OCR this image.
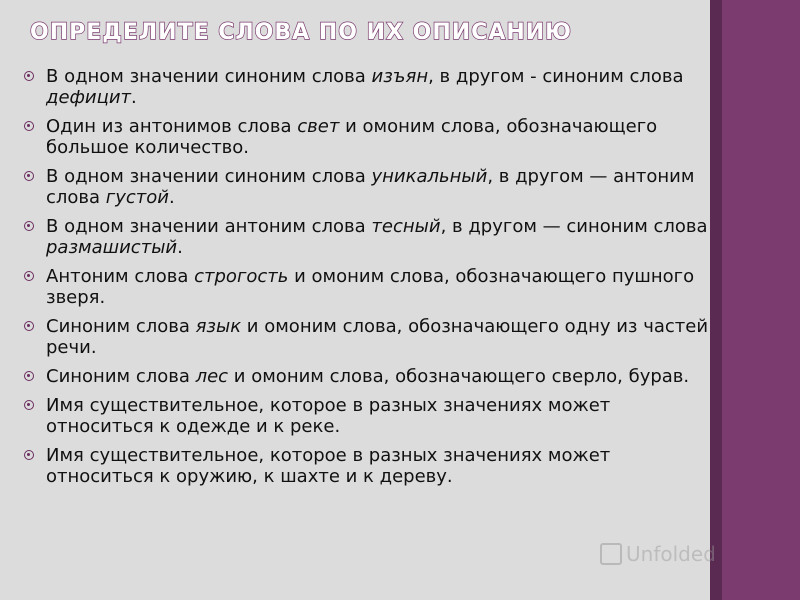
ОПРЕДЕЛИТЕ СЛОВА ПО ИХ ОПИСАНИЮ
В одном значении синоним слова изъян, в другом - синоним слова дефицит.
Один из антонимов слова свет и омоним слова, обозначающего большое количество.
В одном значении синоним слова уникальный, в другом — антоним слова густой.
В одном значении антоним слова тесный, в другом — синоним слова размашистый.
Антоним слова строгость и омоним слова, обозначающего пушного зверя.
Синоним слова язык и омоним слова, обозначающего одну из частей речи.
Синоним слова лес и омоним слова, обозначающего сверло, бурав.
Имя существительное, которое в разных значениях может относиться к одежде и к реке.
Имя существительное, которое в разных значениях может относиться к оружию, к шахте и к дереву.
Unfolded
